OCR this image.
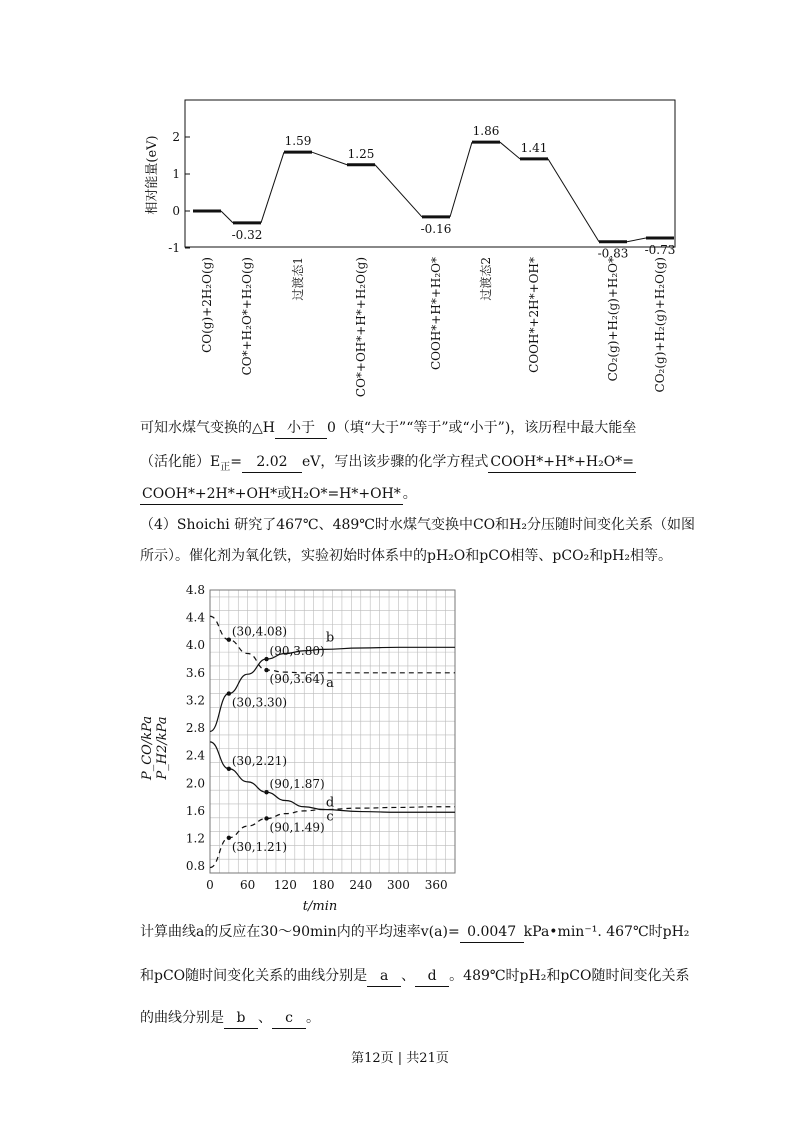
相对能量(eV) 2
1
0
-1
-0.32
1.59
1.25
-0.16
1.86
1.41
-0.83 -0.73
CO(g)+2H₂O(g) CO*+H₂O*+H₂O(g)	过渡态1	CO*+OH*+H*+H₂O(g)	COOH*+H*+H₂O*	过渡态2	COOH*+2H*+OH*	CO₂(g)+H₂(g)+H₂O*	CO₂(g)+H₂(g)+H₂O(g)
可知水煤气变换的△H 小于 0（填“大于”“等于”或“小于”)，该历程中最大能垒
（活化能）$E_正= 2.02$ eV，写出该步骤的化学方程式 COOH*+H*+H₂O*=
COOH*+2H*+OH*或H₂O*=H*+OH* 。
（4）Shoichi 研究了467℃、489℃时水煤气变换中CO和H₂分压随时间变化关系（如图
所示）。催化剂为氧化铁，实验初始时体系中的pH₂O和pCO相等、pCO₂和pH₂相等。
0 60 120 180 240 300 360
4.8
4.4
4.0
3.6
3.2
2.8
2.4
2.0
1.6
1.2
0.8
a
b
c
d
(30,4.08)
(90,3.80)
(90,3.64)
(30,3.30)
(30,2.21)
(90,1.87)
(90,1.49)
(30,1.21)
P_CO/kPa P_H2/kPa
t/min
计算曲线a的反应在30～90min内的平均速率v(a)= 0.0047 kPa•min⁻¹. 467℃时pH₂
和pCO随时间变化关系的曲线分别是 a 、 d 。489℃时pH₂和pCO随时间变化关系
的曲线分别是 b 、 c 。
第12页 | 共21页
